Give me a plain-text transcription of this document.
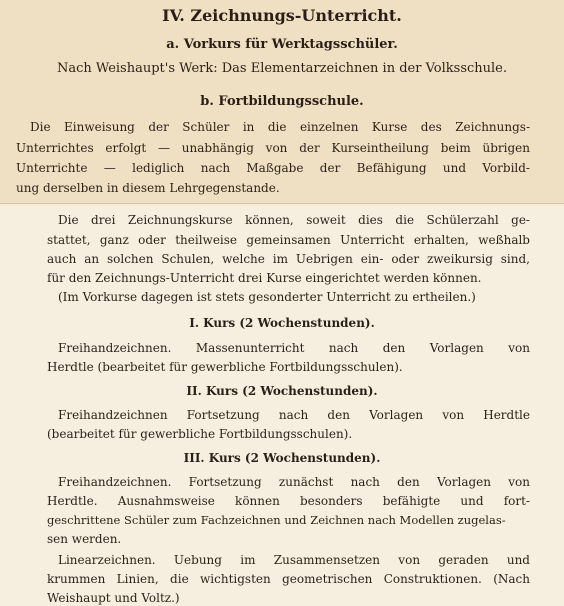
IV. Zeichnungs-Unterricht.
a. Vorkurs für Werktagsschüler.
Nach Weishaupt's Werk: Das Elementarzeichnen in der Volksschule.
b. Fortbildungsschule.
Die Einweisung der Schüler in die einzelnen Kurse des Zeichnungs-
Unterrichtes erfolgt — unabhängig von der Kurseintheilung beim übrigen
Unterrichte — lediglich nach Maßgabe der Befähigung und Vorbild-
ung derselben in diesem Lehrgegenstande.
Die drei Zeichnungskurse können, soweit dies die Schülerzahl ge-
stattet, ganz oder theilweise gemeinsamen Unterricht erhalten, weßhalb
auch an solchen Schulen, welche im Uebrigen ein- oder zweikursig sind,
für den Zeichnungs-Unterricht drei Kurse eingerichtet werden können.
(Im Vorkurse dagegen ist stets gesonderter Unterricht zu ertheilen.)
I. Kurs (2 Wochenstunden).
Freihandzeichnen. Massenunterricht nach den Vorlagen von
Herdtle (bearbeitet für gewerbliche Fortbildungsschulen).
II. Kurs (2 Wochenstunden).
Freihandzeichnen Fortsetzung nach den Vorlagen von Herdtle
(bearbeitet für gewerbliche Fortbildungsschulen).
III. Kurs (2 Wochenstunden).
Freihandzeichnen. Fortsetzung zunächst nach den Vorlagen von
Herdtle. Ausnahmsweise können besonders befähigte und fort-
geschrittene Schüler zum Fachzeichnen und Zeichnen nach Modellen zugelas-
sen werden.
Linearzeichnen. Uebung im Zusammensetzen von geraden und
krummen Linien, die wichtigsten geometrischen Construktionen. (Nach
Weishaupt und Voltz.)
